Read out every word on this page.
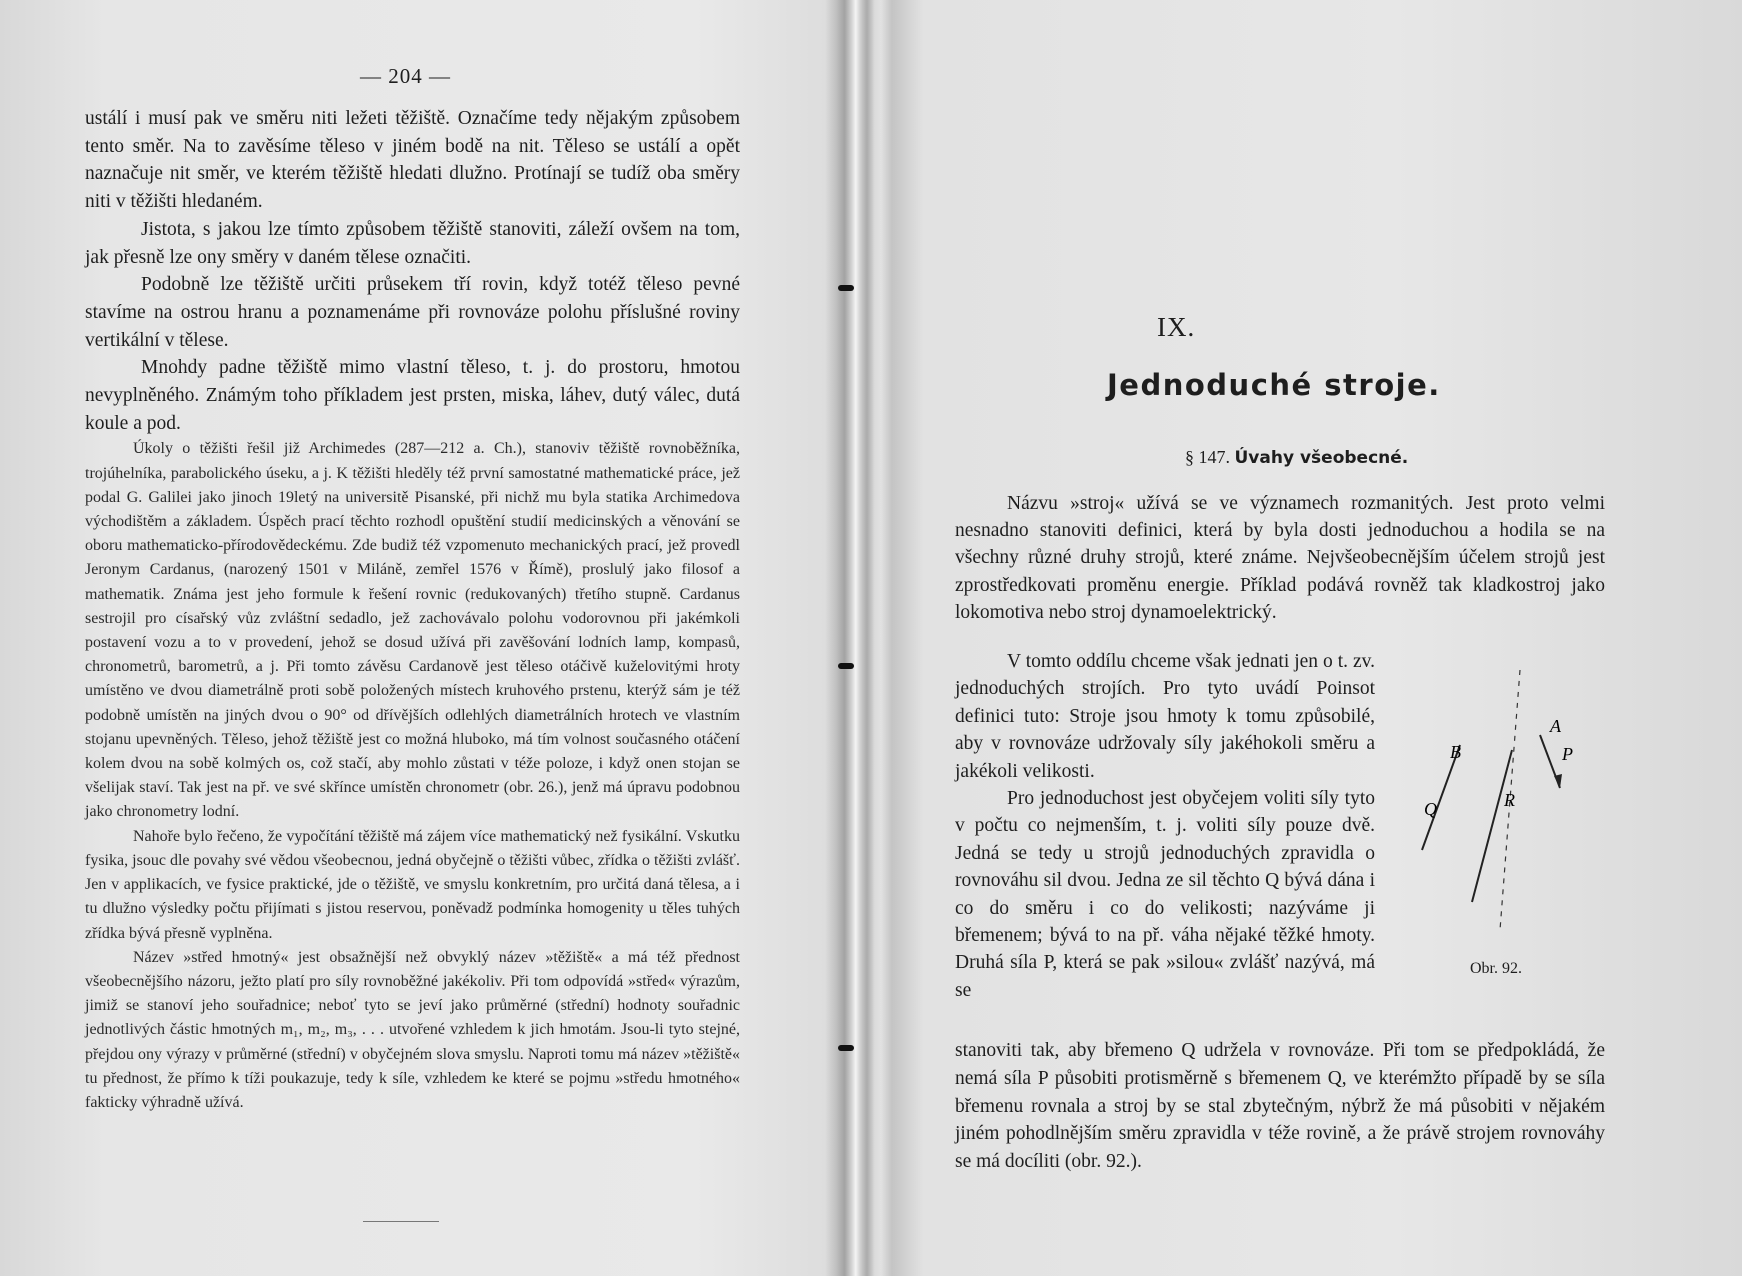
— 204 —

ustálí i musí pak ve směru niti ležeti těžiště. Označíme tedy nějakým způsobem tento směr. Na to zavěsíme těleso v jiném bodě na nit. Těleso se ustálí a opět naznačuje nit směr, ve kterém těžiště hledati dlužno. Protínají se tudíž oba směry niti v těžišti hledaném.

Jistota, s jakou lze tímto způsobem těžiště stanoviti, záleží ovšem na tom, jak přesně lze ony směry v daném tělese označiti.

Podobně lze těžiště určiti průsekem tří rovin, když totéž těleso pevné stavíme na ostrou hranu a poznamenáme při rovnováze polohu příslušné roviny vertikální v tělese.

Mnohdy padne těžiště mimo vlastní těleso, t. j. do prostoru, hmotou nevyplněného. Známým toho příkladem jest prsten, miska, láhev, dutý válec, dutá koule a pod.

Úkoly o těžišti řešil již Archimedes (287—212 a. Ch.), stanoviv těžiště rovnoběžníka, trojúhelníka, parabolického úseku, a j. K těžišti hleděly též první samostatné mathematické práce, jež podal G. Galilei jako jinoch 19letý na universitě Pisanské, při nichž mu byla statika Archimedova východištěm a základem. Úspěch prací těchto rozhodl opuštění studií medicinských a věnování se oboru mathematicko-přírodovědeckému. Zde budiž též vzpomenuto mechanických prací, jež provedl Jeronym Cardanus, (narozený 1501 v Miláně, zemřel 1576 v Římě), proslulý jako filosof a mathematik. Známa jest jeho formule k řešení rovnic (redukovaných) třetího stupně. Cardanus sestrojil pro císařský vůz zvláštní sedadlo, jež zachovávalo polohu vodorovnou při jakémkoli postavení vozu a to v provedení, jehož se dosud užívá při zavěšování lodních lamp, kompasů, chronometrů, barometrů, a j. Při tomto závěsu Cardanově jest těleso otáčivě kuželovitými hroty umístěno ve dvou diametrálně proti sobě položených místech kruhového prstenu, kterýž sám je též podobně umístěn na jiných dvou o 90° od dřívějších odlehlých diametrálních hrotech ve vlastním stojanu upevněných. Těleso, jehož těžiště jest co možná hluboko, má tím volnost současného otáčení kolem dvou na sobě kolmých os, což stačí, aby mohlo zůstati v téže poloze, i když onen stojan se všelijak staví. Tak jest na př. ve své skřínce umístěn chronometr (obr. 26.), jenž má úpravu podobnou jako chronometry lodní.

Nahoře bylo řečeno, že vypočítání těžiště má zájem více mathematický než fysikální. Vskutku fysika, jsouc dle povahy své vědou všeobecnou, jedná obyčejně o těžišti vůbec, zřídka o těžišti zvlášť. Jen v applikacích, ve fysice praktické, jde o těžiště, ve smyslu konkretním, pro určitá daná tělesa, a i tu dlužno výsledky počtu přijímati s jistou reservou, poněvadž podmínka homogenity u těles tuhých zřídka bývá přesně vyplněna.

Název »střed hmotný« jest obsažnější než obvyklý název »těžiště« a má též přednost všeobecnějšího názoru, ježto platí pro síly rovnoběžné jakékoliv. Při tom odpovídá »střed« výrazům, jimiž se stanoví jeho souřadnice; neboť tyto se jeví jako průměrné (střední) hodnoty souřadnic jednotlivých částic hmotných m₁, m₂, m₃, . . . utvořené vzhledem k jich hmotám. Jsou-li tyto stejné, přejdou ony výrazy v průměrné (střední) v obyčejném slova smyslu. Naproti tomu má název »těžiště« tu přednost, že přímo k tíži poukazuje, tedy k síle, vzhledem ke které se pojmu »středu hmotného« fakticky výhradně užívá.

IX.
Jednoduché stroje.
§ 147. Úvahy všeobecné.

Názvu »stroj« užívá se ve významech rozmanitých. Jest proto velmi nesnadno stanoviti definici, která by byla dosti jednoduchou a hodila se na všechny různé druhy strojů, které známe. Nejvšeobecnějším účelem strojů jest zprostředkovati proměnu energie. Příklad podává rovněž tak kladkostroj jako lokomotiva nebo stroj dynamoelektrický.

V tomto oddílu chceme však jednati jen o t. zv. jednoduchých strojích. Pro tyto uvádí Poinsot definici tuto: Stroje jsou hmoty k tomu způsobilé, aby v rovnováze udržovaly síly jakéhokoli směru a jakékoli velikosti.

Pro jednoduchost jest obyčejem voliti síly tyto v počtu co nejmenším, t. j. voliti síly pouze dvě. Jedná se tedy u strojů jednoduchých zpravidla o rovnováhu sil dvou. Jedna ze sil těchto Q bývá dána i co do směru i co do velikosti; nazýváme ji břemenem; bývá to na př. váha nějaké těžké hmoty. Druhá síla P, která se pak »silou« zvlášť nazývá, má se

stanoviti tak, aby břemeno Q udržela v rovnováze. Při tom se předpokládá, že nemá síla P působiti protisměrně s břemenem Q, ve kterémžto případě by se síla břemenu rovnala a stroj by se stal zbytečným, nýbrž že má působiti v nějakém jiném pohodlnějším směru zpravidla v téže rovině, a že právě strojem rovnováhy se má docíliti (obr. 92.).

A
P
B
Q	R
Obr. 92.
